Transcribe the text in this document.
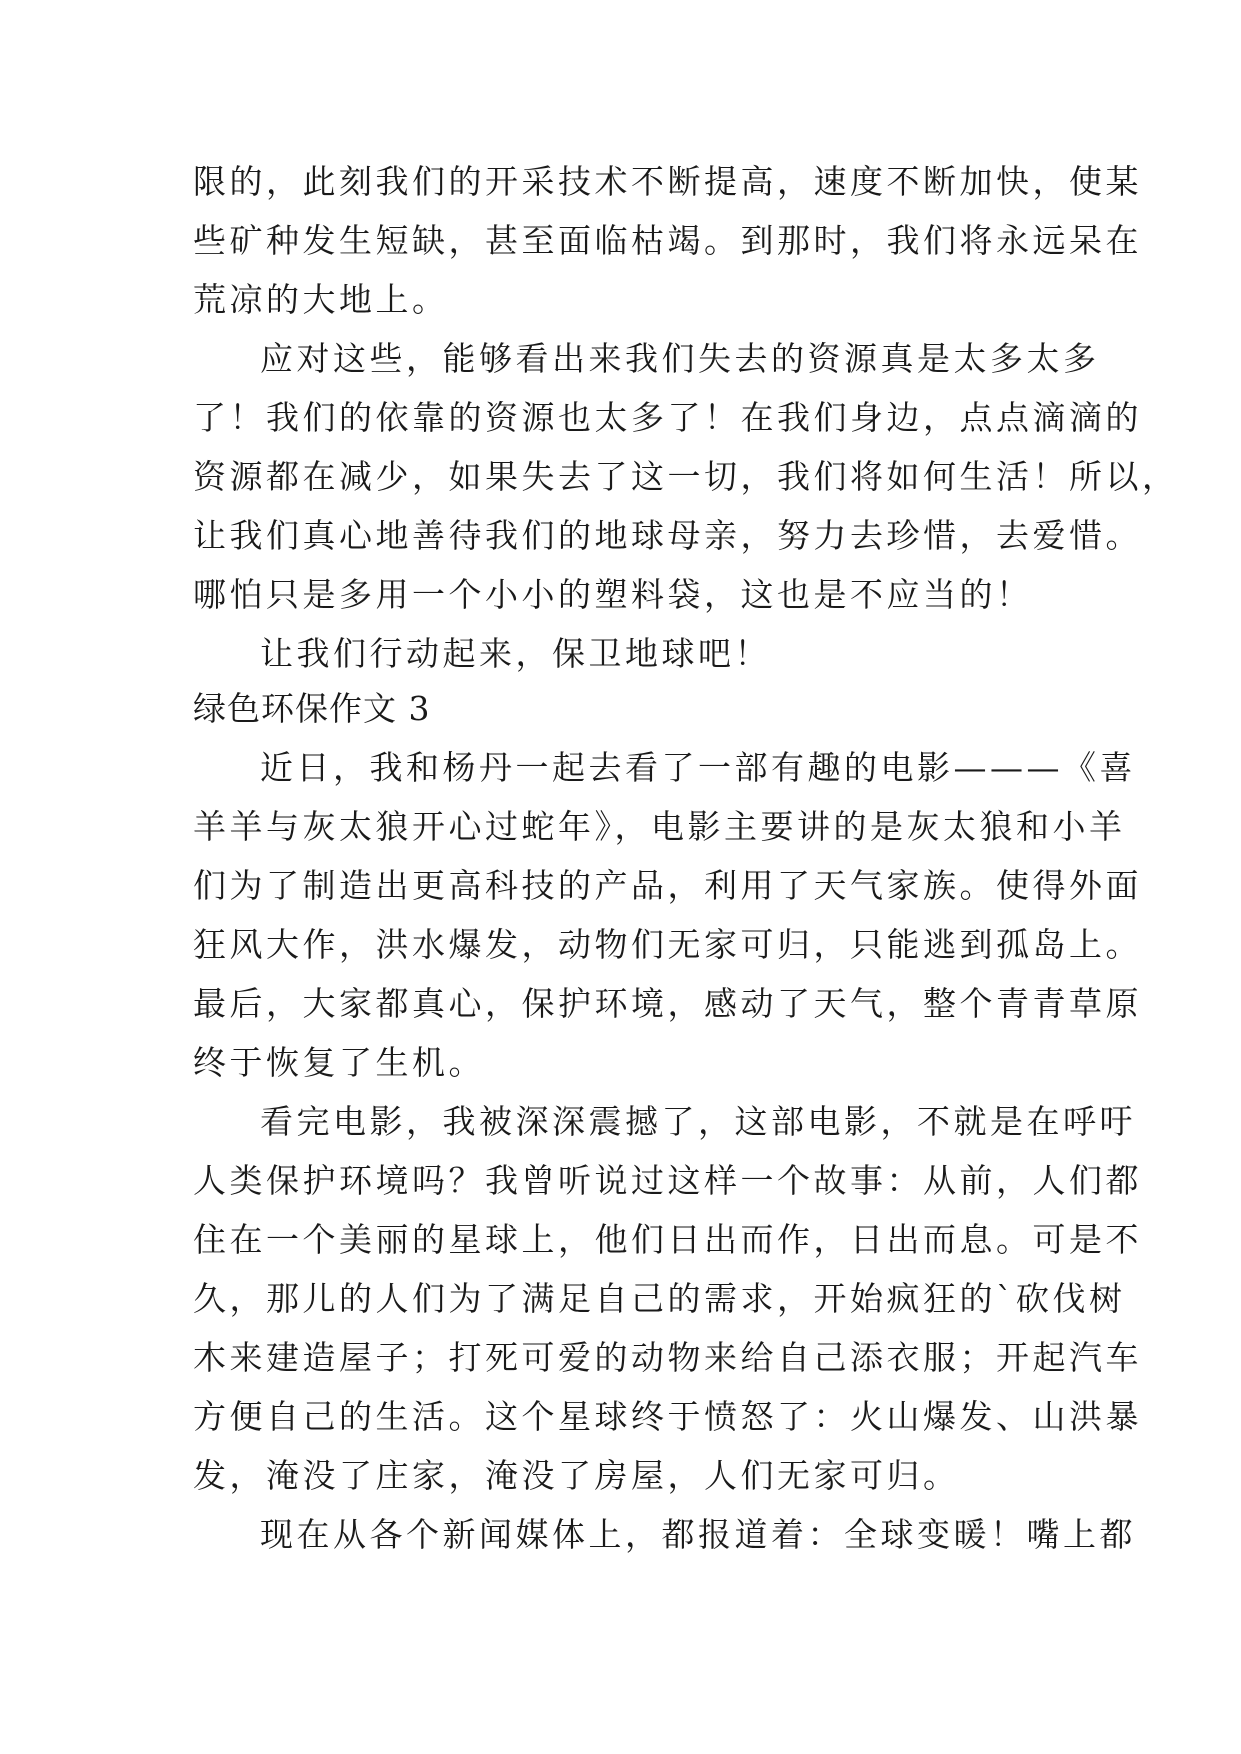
限的，此刻我们的开采技术不断提高，速度不断加快，使某
些矿种发生短缺，甚至面临枯竭。到那时，我们将永远呆在
荒凉的大地上。
应对这些，能够看出来我们失去的资源真是太多太多
了！我们的依靠的资源也太多了！在我们身边，点点滴滴的
资源都在减少，如果失去了这一切，我们将如何生活！所以，
让我们真心地善待我们的地球母亲，努力去珍惜，去爱惜。
哪怕只是多用一个小小的塑料袋，这也是不应当的！
让我们行动起来，保卫地球吧！
绿色环保作文 3
近日，我和杨丹一起去看了一部有趣的电影———《喜
羊羊与灰太狼开心过蛇年》，电影主要讲的是灰太狼和小羊
们为了制造出更高科技的产品，利用了天气家族。使得外面
狂风大作，洪水爆发，动物们无家可归，只能逃到孤岛上。
最后，大家都真心，保护环境，感动了天气，整个青青草原
终于恢复了生机。
看完电影，我被深深震撼了，这部电影，不就是在呼吁
人类保护环境吗？我曾听说过这样一个故事：从前，人们都
住在一个美丽的星球上，他们日出而作，日出而息。可是不
久，那儿的人们为了满足自己的需求，开始疯狂的`砍伐树
木来建造屋子；打死可爱的动物来给自己添衣服；开起汽车
方便自己的生活。这个星球终于愤怒了：火山爆发、山洪暴
发，淹没了庄家，淹没了房屋，人们无家可归。
现在从各个新闻媒体上，都报道着：全球变暖！嘴上都
